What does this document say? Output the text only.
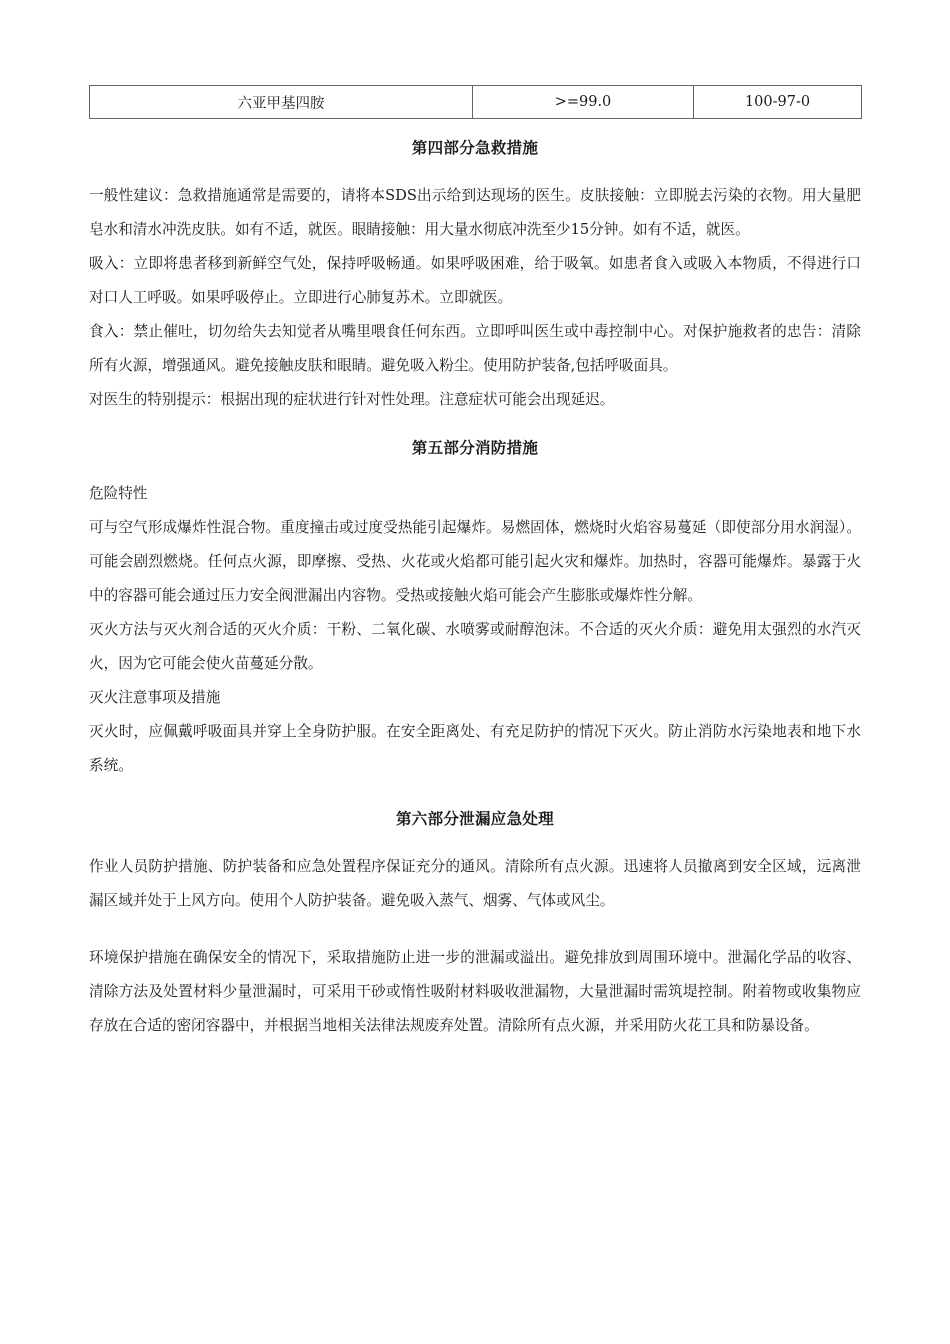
六亚甲基四胺	>=99.0	100-97-0
第四部分急救措施

一般性建议：急救措施通常是需要的，请将本SDS出示给到达现场的医生。皮肤接触：立即脱去污染的衣物。用大量肥皂水和清水冲洗皮肤。如有不适，就医。眼睛接触：用大量水彻底冲洗至少15分钟。如有不适，就医。

吸入：立即将患者移到新鲜空气处，保持呼吸畅通。如果呼吸困难，给于吸氧。如患者食入或吸入本物质，不得进行口对口人工呼吸。如果呼吸停止。立即进行心肺复苏术。立即就医。

食入：禁止催吐，切勿给失去知觉者从嘴里喂食任何东西。立即呼叫医生或中毒控制中心。对保护施救者的忠告：清除所有火源，增强通风。避免接触皮肤和眼睛。避免吸入粉尘。使用防护装备,包括呼吸面具。

对医生的特别提示：根据出现的症状进行针对性处理。注意症状可能会出现延迟。

第五部分消防措施

危险特性

可与空气形成爆炸性混合物。重度撞击或过度受热能引起爆炸。易燃固体，燃烧时火焰容易蔓延（即使部分用水润湿）。可能会剧烈燃烧。任何点火源，即摩擦、受热、火花或火焰都可能引起火灾和爆炸。加热时，容器可能爆炸。暴露于火中的容器可能会通过压力安全阀泄漏出内容物。受热或接触火焰可能会产生膨胀或爆炸性分解。

灭火方法与灭火剂合适的灭火介质：干粉、二氧化碳、水喷雾或耐醇泡沫。不合适的灭火介质：避免用太强烈的水汽灭火，因为它可能会使火苗蔓延分散。

灭火注意事项及措施

灭火时，应佩戴呼吸面具并穿上全身防护服。在安全距离处、有充足防护的情况下灭火。防止消防水污染地表和地下水系统。

第六部分泄漏应急处理

作业人员防护措施、防护装备和应急处置程序保证充分的通风。清除所有点火源。迅速将人员撤离到安全区域，远离泄漏区域并处于上风方向。使用个人防护装备。避免吸入蒸气、烟雾、气体或风尘。

环境保护措施在确保安全的情况下，采取措施防止进一步的泄漏或溢出。避免排放到周围环境中。泄漏化学品的收容、清除方法及处置材料少量泄漏时，可采用干砂或惰性吸附材料吸收泄漏物，大量泄漏时需筑堤控制。附着物或收集物应存放在合适的密闭容器中，并根据当地相关法律法规废弃处置。清除所有点火源，并采用防火花工具和防暴设备。
